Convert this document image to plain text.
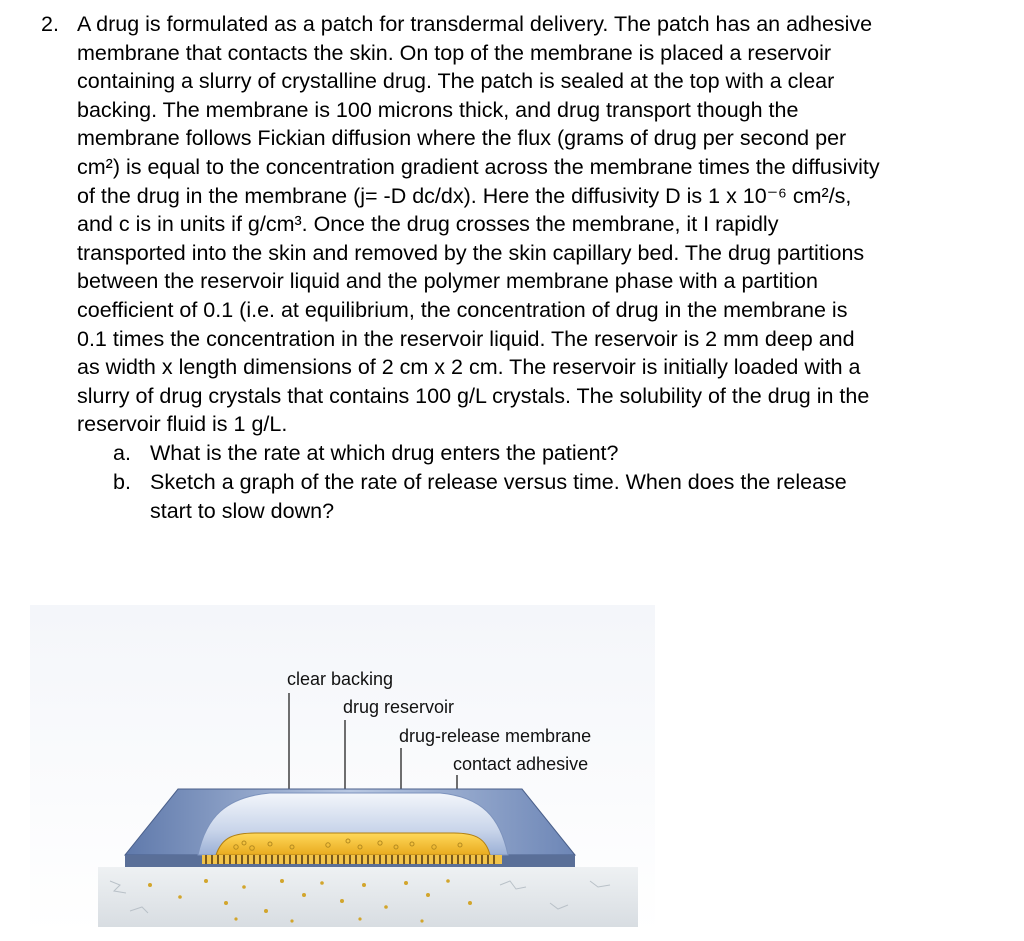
2. A drug is formulated as a patch for transdermal delivery. The patch has an adhesive
membrane that contacts the skin. On top of the membrane is placed a reservoir
containing a slurry of crystalline drug. The patch is sealed at the top with a clear
backing. The membrane is 100 microns thick, and drug transport though the
membrane follows Fickian diffusion where the flux (grams of drug per second per
cm²) is equal to the concentration gradient across the membrane times the diffusivity
of the drug in the membrane (j= -D dc/dx). Here the diffusivity D is 1 x 10⁻⁶ cm²/s,
and c is in units if g/cm³. Once the drug crosses the membrane, it I rapidly
transported into the skin and removed by the skin capillary bed. The drug partitions
between the reservoir liquid and the polymer membrane phase with a partition
coefficient of 0.1 (i.e. at equilibrium, the concentration of drug in the membrane is
0.1 times the concentration in the reservoir liquid. The reservoir is 2 mm deep and
as width x length dimensions of 2 cm x 2 cm. The reservoir is initially loaded with a
slurry of drug crystals that contains 100 g/L crystals. The solubility of the drug in the
reservoir fluid is 1 g/L.
a. What is the rate at which drug enters the patient?
b. Sketch a graph of the rate of release versus time. When does the release
start to slow down?
clear backing
drug reservoir
drug-release membrane
contact adhesive
